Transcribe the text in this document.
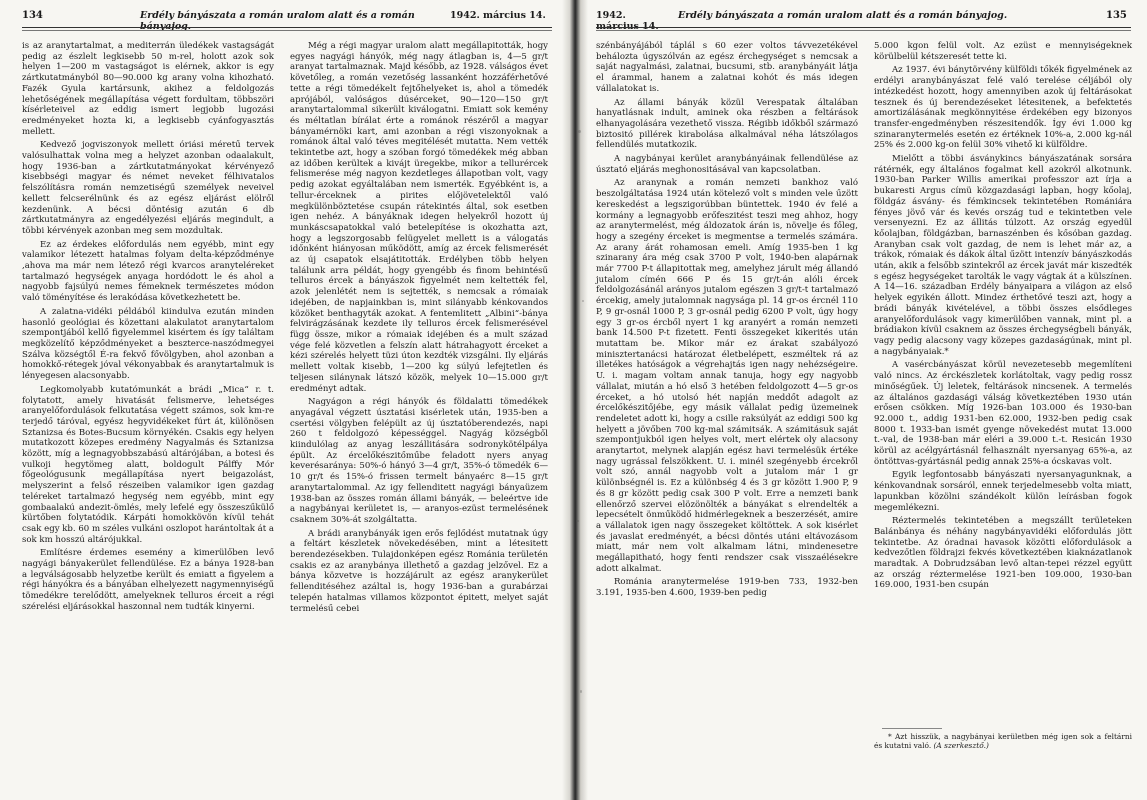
134	Erdély bányászata a román uralom alatt és a román bányajog.
1942. március 14.	1942. március 14.
Erdély bányászata a román uralom alatt és a román bányajog.	135

is az aranytartalmat, a mediterrán üledékek vastagságát pedig az észlelt legkisebb 50 m-rel, holott azok sok helyen 1—200 m vastagságot is elérnek, akkor is egy zártkutatmányból 80—90.000 kg arany volna kihozható. Fazék Gyula kartársunk, akihez a feldolgozás lehetőségének megállapítása végett fordultam, többszöri kísérleteivel az eddig ismert legjobb lugozási eredményeket hozta ki, a legkisebb cyánfogyasztás mellett.

Kedvező jogviszonyok mellett óriási méretű tervek valósulhattak volna meg a helyzet azonban odaalakult, hogy 1936-ban a zártkutatmányokat kérvényező kisebbségi magyar és német neveket félhivatalos felszólításra román nemzetiségű személyek neveivel kellett felcserélnünk és az egész eljárást elölről kezdenünk. A bécsi döntésig azután 6 db zártkutatmányra az engedélyezési eljárás megindult, a többi kérvények azonban meg sem mozdultak.

Ez az érdekes előfordulás nem egyébb, mint egy valamikor létezett hatalmas folyam delta-képződménye ,ahova ma már nem létező régi kvarcos aranyteléreket tartalmazó hegységek anyaga hordódott le és ahol a nagyobb fajsúlyú nemes fémeknek természetes módon való töményítése és lerakódása következhetett be.

A zalatna-vidéki példából kiindulva ezután minden hasonló geológiai és közettani alakulatot aranytartalom szempontjából kellő figyelemmel kisértem és így találtam megközelítő képződményeket a beszterce-naszódmegyei Szálva községtől É-ra fekvő fővölgyben, ahol azonban a homokkő-rétegek jóval vékonyabbak és aranytartalmuk is lényegesen alacsonyabb.

Legkomolyabb kutatómunkát a brádi „Mica“ r. t. folytatott, amely hivatását felismerve, lehetséges aranyelőfordulások felkutatása végett számos, sok km-re terjedő táróval, egyész hegyvidékeket fúrt át, különösen Sztanizsa és Botes-Bucsum környékén. Csakis egy helyen mutatkozott közepes eredmény Nagyalmás és Sztanizsa között, míg a legnagyobbszabású altárójában, a botesi és vulkoji hegytömeg alatt, boldogult Pálffy Mór főgeológusunk megállapítása nyert beigazolást, melyszerint a felső részeiben valamikor igen gazdag teléreket tartalmazó hegység nem egyébb, mint egy gombaalakú andezit-ömlés, mely lefelé egy összeszűkülő kürtőben folytatódik. Kárpáti homokkövön kívül tehát csak egy kb. 60 m széles vulkáni oszlopot harántoltak át a sok km hosszú altárójukkal.

Említésre érdemes esemény a kimerülőben levő nagyági bányakerület fellendülése. Ez a bánya 1928-ban a legválságosabb helyzetbe került és emiatt a figyelem a régi hányókra és a bányában elhelyezett nagymennyiségű tömedékre terelődött, amelyeknek telluros érceit a régi szérelési eljárásokkal haszonnal nem tudták kinyerni.

Még a régi magyar uralom alatt megállapitották, hogy egyes nagyági hányók, még nagy átlagban is, 4—5 gr/t aranyat tartalmaznak. Majd később, az 1928. válságos évet követőleg, a román vezetőség lassanként hozzáférhetővé tette a régi tömedékelt fejtőhelyeket is, ahol a tömedék aprójából, valóságos dúsérceket, 90—120—150 gr/t aranytartalommal sikerült kiválogatni. Emiatt sok kemény és méltatlan bírálat érte a románok részéről a magyar bányamérnöki kart, ami azonban a régi viszonyoknak a románok által való téves megitélését mutatta. Nem vették tekintetbe azt, hogy a szóban forgó tömedékek még abban az időben kerültek a kivájt üregekbe, mikor a tellurércek felismerése még nagyon kezdetleges állapotban volt, vagy pedig azokat egyáltalában nem ismerték. Egyébként is, a tellur-érceknek a pirites előjövetelektől való megkülönböztetése csupán rátekintés által, sok esetben igen nehéz. A bányáknak idegen helyekről hozott új munkáscsapatokkal való betelepítése is okozhatta azt, hogy a legszorgosabb felügyelet mellett is a válogatás időnként hiányosan működött, amíg az ércek felismerését az új csapatok elsajátitották. Erdélyben több helyen találunk arra példát, hogy gyengébb és finom behintésű telluros ércek a bányászok figyelmét nem keltették fel, azok jelenlétét nem is sejtették, s nemcsak a rómaiak idejében, de napjainkban is, mint silányabb kénkovandos közöket benthagyták azokat. A fentemlitett „Albini“-bánya felvirágzásának kezdete ily telluros ércek felismerésével függ össze, mikor a rómaiak idejében és a mult század vége felé közvetlen a felszín alatt hátrahagyott érceket a kézi szérelés helyett tüzi úton kezdték vizsgálni. Ily eljárás mellett voltak kisebb, 1—200 kg súlyú lefejtetlen és teljesen silánynak látszó közök, melyek 10—15.000 gr/t eredményt adtak.

Nagyágon a régi hányók és földalatti tömedékek anyagával végzett úsztatási kisérletek után, 1935-ben a csertési völgyben felépült az új úsztatóberendezés, napi 260 t feldolgozó képességgel. Nagyág községből kiindulólag az anyag leszállitására sodronykötélpálya épült. Az ércelőkészitőműbe feladott nyers anyag keverésaránya: 50%-ó hányó 3—4 gr/t, 35%-ó tömedék 6—10 gr/t és 15%-ó frissen termelt bányaérc 8—15 gr/t aranytartalommal. Az igy fellenditett nagyági bányaüzem 1938-ban az összes román állami bányák, — beleértve ide a nagybányai kerületet is, — aranyos-ezüst termelésének csaknem 30%-át szolgáltatta.

A brádi aranybányák igen erős fejlődést mutatnak úgy a feltárt készletek növekedésében, mint a létesitett berendezésekben. Tulajdonképen egész Románia területén csakis ez az aranybánya illethető a gazdag jelzővel. Ez a bánya közvetve is hozzájárult az egész aranykerület fellenditéséhez azáltal is, hogy 1936-ban a gurabárzai telepén hatalmas villamos központot épitett, melyet saját termelésű cebei

szénbányájából táplál s 60 ezer voltos távvezetékével behálozta úgyszólván az egész érchegységet s nemcsak a saját nagyalmási, zalatnai, bucsumi, stb. aranybányáit látja el árammal, hanem a zalatnai kohót és más idegen vállalatokat is.

Az állami bányák közül Verespatak általában hanyatlásnak indult, aminek oka részben a feltárások elhanyagolására vezethető vissza. Régibb időkből származó biztositó pillérek kirabolása alkalmával néha látszólagos fellendülés mutatkozik.

A nagybányai kerület aranybányáinak fellendülése az úsztató eljárás meghonositásával van kapcsolatban.

Az aranynak a román nemzeti bankhoz való beszolgáltatása 1924 után kötelező volt s minden vele űzött kereskedést a legszigorúbban büntettek. 1940 év felé a kormány a legnagyobb erőfeszitést teszi meg ahhoz, hogy az aranytermelést, még áldozatok árán is, növelje és főleg, hogy a szegény érceket is megmentse a termelés számára. Az arany árát rohamosan emeli. Amíg 1935-ben 1 kg szinarany ára még csak 3700 P volt, 1940-ben alapárnak már 7700 P-t állapitottak meg, amelyhez járult még állandó jutalom címén 666 P és 15 gr/t-án alóli ércek feldolgozásánál arányos jutalom egészen 3 gr/t-t tartalmazó ércekig, amely jutalomnak nagysága pl. 14 gr-os ércnél 110 P, 9 gr-osnál 1000 P, 3 gr-osnál pedig 6200 P volt, úgy hogy egy 3 gr-os ércből nyert 1 kg aranyért a román nemzeti bank 14.500 P-t fizetett. Fenti összegeket kikerités után mutattam be. Mikor már ez árakat szabályozó minisztertanácsi határozat életbelépett, eszméltek rá az illetékes hatóságok a végrehajtás igen nagy nehézségeire. U. i. magam voltam annak tanuja, hogy egy nagyobb vállalat, miután a hó első 3 hetében feldolgozott 4—5 gr-os érceket, a hó utolsó hét napján meddőt adagolt az ércelőkészitőjébe, egy másik vállalat pedig üzemeinek rendeletet adott ki, hogy a csille raksúlyát az eddigi 500 kg helyett a jövőben 700 kg-mal számitsák. A számitásuk saját szempontjukból igen helyes volt, mert elértek oly alacsony aranytartot, melynek alapján egész havi termelésük értéke nagy ugrással felszökkent. U. i. minél szegényebb ércekről volt szó, annál nagyobb volt a jutalom már 1 gr különbségnél is. Ez a különbség 4 és 3 gr között 1.900 P, 9 és 8 gr között pedig csak 300 P volt. Erre a nemzeti bank ellenőrző szervei elözönölték a bányákat s elrendelték a lepecsételt önműködő hidmérlegeknek a beszerzését, amire a vállalatok igen nagy összegeket költöttek. A sok kisérlet és javaslat eredményét, a bécsi döntés utáni eltávozásom miatt, már nem volt alkalmam látni, mindenesetre megállapitható, hogy fenti rendszer csak visszaélésekre adott alkalmat.

Románia aranytermelése 1919-ben 733, 1932-ben 3.191, 1935-ben 4.600, 1939-ben pedig

5.000 kgon felül volt. Az ezüst e mennyiségeknek körülbelül kétszeresét tette ki.

Az 1937. évi bánytörvény külföldi tőkék figyelmének az erdélyi aranybányászat felé való terelése céljából oly intézkedést hozott, hogy amennyiben azok új feltárásokat tesznek és új berendezéseket létesitenek, a befektetés amortizálásának megkönnyitése érdekében egy bizonyos transfer-engedményben részesitendők. Így évi 1.000 kg szinaranytermelés esetén ez értéknek 10%-a, 2.000 kg-nál 25% és 2.000 kg-on felül 30% vihető ki külföldre.

Mielőtt a többi ásványkincs bányászatának sorsára rátérnék, egy általános fogalmat kell azokról alkotnunk. 1930-ban Parker Willis amerikai professzor azt írja a bukaresti Argus címü közgazdasági lapban, hogy kőolaj, földgáz ásvány- és fémkincsek tekintetében Romániára fényes jövő vár és kevés ország tud e tekintetben vele versenyezni. Ez az állitás túlzott. Az ország egyedül kőolajban, földgázban, barnaszénben és kősóban gazdag. Aranyban csak volt gazdag, de nem is lehet már az, a trákok, rómaiak és dákok által űzött intenzív bányászkodás után, akik a felsőbb szintekről az ércek javát már kiszedték s egész hegységeket tarolták le vagy vágtak át a külszínen. A 14—16. században Erdély bányaipara a világon az első helyek egyikén állott. Mindez érthetővé teszi azt, hogy a brádi bányák kivételével, a többi összes elsődleges aranyelőfordulások vagy kimerülőben vannak, mint pl. a brádiakon kívül csaknem az összes érchegységbeli bányák, vagy pedig alacsony vagy közepes gazdaságúnak, mint pl. a nagybányaiak.*

A vasércbányászat körül nevezetesebb megemlíteni való nincs. Az érckészletek korlátoltak, vagy pedig rossz minőségűek. Új leletek, feltárások nincsenek. A termelés az általános gazdasági válság következtében 1930 után erősen csökken. Míg 1926-ban 103.000 és 1930-ban 92.000 t., addig 1931-ben 62.000, 1932-ben pedig csak 8000 t. 1933-ban ismét gyenge növekedést mutat 13.000 t.-val, de 1938-ban már eléri a 39.000 t.-t. Resicán 1930 körül az acélgyártásnál felhasznált nyersanyag 65%-a, az öntöttvas-gyártásnál pedig annak 25%-a ócskavas volt.

Egyik legfontosabb bányászati nyersanyagunknak, a kénkovandnak sorsáról, ennek terjedelmesebb volta miatt, lapunkban közölni szándékolt külön leírásban fogok megemlékezni.

Réztermelés tekintetében a megszállt területeken Balánbánya és néhány nagybányavidéki előfordulás jött tekintetbe. Az óradnai havasok közötti előfordulások a kedvezőtlen földrajzi fekvés következtében kiaknázatlanok maradtak. A Dobrudzsában levő altan-tepei rézzel együtt az ország réztermelése 1921-ben 109.000, 1930-ban 169.000, 1931-ben csupán

* Azt hisszük, a nagybányai kerületben még igen sok a feltárni és kutatni való. (A szerkesztő.)
